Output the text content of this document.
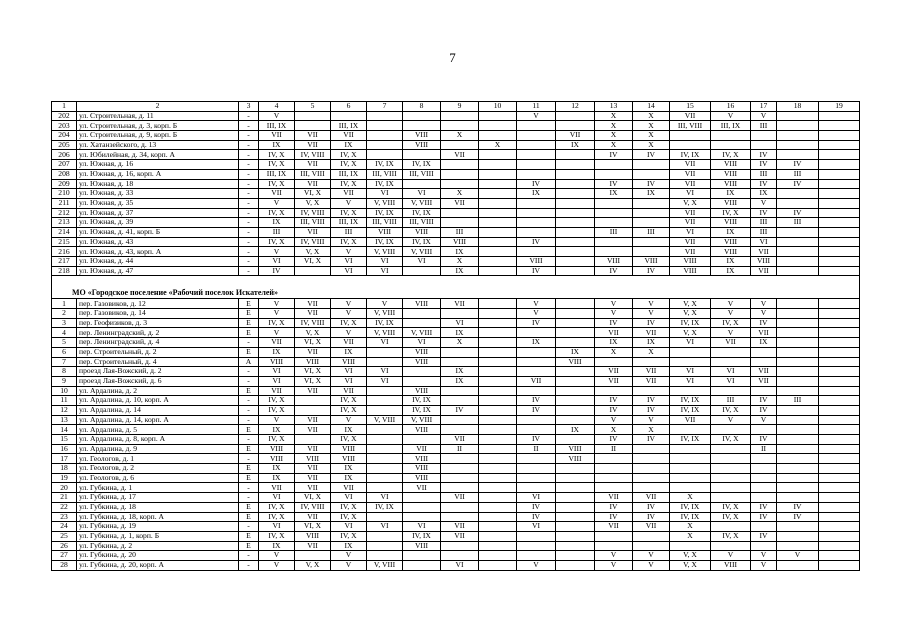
7
1	2	3	4	5	6	7	8	9	10	11	12	13	14	15	16	17	18	19
202	ул. Строительная, д. 11	-	V							V		X	X	VII	V	V		
203	ул. Строительная, д. 3, корп. Б	-	III, IX		III, IX							X	X	III, VIII	III, IX	III		
204	ул. Строительная, д. 9, корп. Б	-	VII	VII	VII		VIII	X			VII	X	X					
205	ул. Хатанзейского, д. 13	-	IX	VII	IX		VIII		X		IX	X	X					
206	ул. Юбилейная, д. 34, корп. А	-	IV, X	IV, VIII	IV, X			VII				IV	IV	IV, IX	IV, X	IV		
207	ул. Южная, д. 16	-	IV, X	VII	IV, X	IV, IX	IV, IX							VII	VIII	IV	IV	
208	ул. Южная, д. 16, корп. А	-	III, IX	III, VIII	III, IX	III, VIII	III, VIII							VII	VIII	III	III	
209	ул. Южная, д. 18	-	IV, X	VII	IV, X	IV, IX				IV		IV	IV	VII	VIII	IV	IV	
210	ул. Южная, д. 33	-	VII	VI, X	VII	VI	VI	X		IX		IX	IX	VI	IX	IX		
211	ул. Южная, д. 35	-	V	V, X	V	V, VIII	V, VIII	VII						V, X	VIII	V		
212	ул. Южная, д. 37	-	IV, X	IV, VIII	IV, X	IV, IX	IV, IX							VII	IV, X	IV	IV	
213	ул. Южная, д. 39	-	IX	III, VIII	III, IX	III, VIII	III, VIII							VII	VIII	III	III	
214	ул. Южная, д. 41, корп. Б	-	III	VII	III	VIII	VIII	III				III	III	VI	IX	III		
215	ул. Южная, д. 43	-	IV, X	IV, VIII	IV, X	IV, IX	IV, IX	VIII		IV				VII	VIII	VI		
216	ул. Южная, д. 43, корп. А	-	V	V, X	V	V, VIII	V, VIII	IX						VII	VIII	VII		
217	ул. Южная, д. 44	-	VI	VI, X	VI	VI	VI	X		VIII		VIII	VIII	VIII	IX	VIII		
218	ул. Южная, д. 47	-	IV		VI	VI		IX		IV		IV	IV	VIII	IX	VII		
МО «Городское поселение «Рабочий поселок Искателей»																		
1	пер. Газовиков, д. 12	Е	V	VII	V	V	VIII	VII		V		V	V	V, X	V	V		
2	пер. Газовиков, д. 14	Е	V	VII	V	V, VIII				V		V	V	V, X	V	V		
3	пер. Геофизиков, д. 3	Е	IV, X	IV, VIII	IV, X	IV, IX		VI		IV		IV	IV	IV, IX	IV, X	IV		
4	пер. Ленинградский, д. 2	Е	V	V, X	V	V, VIII	V, VIII	IX				VII	VII	V, X	V	VII		
5	пер. Ленинградский, д. 4	-	VII	VI, X	VII	VI	VI	X		IX		IX	IX	VI	VII	IX		
6	пер. Строительный, д. 2	Е	IX	VII	IX		VIII				IX	X	X					
7	пер. Строительный, д. 4	А	VIII	VIII	VIII		VIII				VIII							
8	проезд Лая-Вожский, д. 2	-	VI	VI, X	VI	VI		IX				VII	VII	VI	VI	VII		
9	проезд Лая-Вожский, д. 6	-	VI	VI, X	VI	VI		IX		VII		VII	VII	VI	VI	VII		
10	ул. Ардалина, д. 2	Е	VII	VII	VII		VIII											
11	ул. Ардалина, д. 10, корп. А	-	IV, X		IV, X		IV, IX			IV		IV	IV	IV, IX	III	IV	III	
12	ул. Ардалина, д. 14	-	IV, X		IV, X		IV, IX	IV		IV		IV	IV	IV, IX	IV, X	IV		
13	ул. Ардалина, д. 14, корп. А	-	V	VII	V	V, VIII	V, VIII					V	V	VII	V	V		
14	ул. Ардалина, д. 5	Е	IX	VII	IX		VIII				IX	X	X					
15	ул. Ардалина, д. 8, корп. А	-	IV, X		IV, X			VII		IV		IV	IV	IV, IX	IV, X	IV		
16	ул. Ардалина, д. 9	Е	VIII	VII	VIII		VII	II		II	VIII	II				II		
17	ул. Геологов, д. 1	-	VIII	VIII	VIII		VIII				VIII							
18	ул. Геологов, д. 2	Е	IX	VII	IX		VIII											
19	ул. Геологов, д. 6	Е	IX	VII	IX		VIII											
20	ул. Губкина, д. 1	-	VII	VII	VII		VII											
21	ул. Губкина, д. 17	-	VI	VI, X	VI	VI		VII		VI		VII	VII	X				
22	ул. Губкина, д. 18	Е	IV, X	IV, VIII	IV, X	IV, IX				IV		IV	IV	IV, IX	IV, X	IV	IV	
23	ул. Губкина, д. 18, корп. А	Е	IV, X	VII	IV, X					IV		IV	IV	IV, IX	IV, X	IV	IV	
24	ул. Губкина, д. 19	-	VI	VI, X	VI	VI	VI	VII		VI		VII	VII	X				
25	ул. Губкина, д. 1, корп. Б	Е	IV, X	VIII	IV, X		IV, IX	VII						X	IV, X	IV		
26	ул. Губкина, д. 2	Е	IX	VII	IX		VIII											
27	ул. Губкина, д. 20	-	V		V							V	V	V, X	V	V	V	
28	ул. Губкина, д. 20, корп. А	-	V	V, X	V	V, VIII		VI		V		V	V	V, X	VIII	V		
